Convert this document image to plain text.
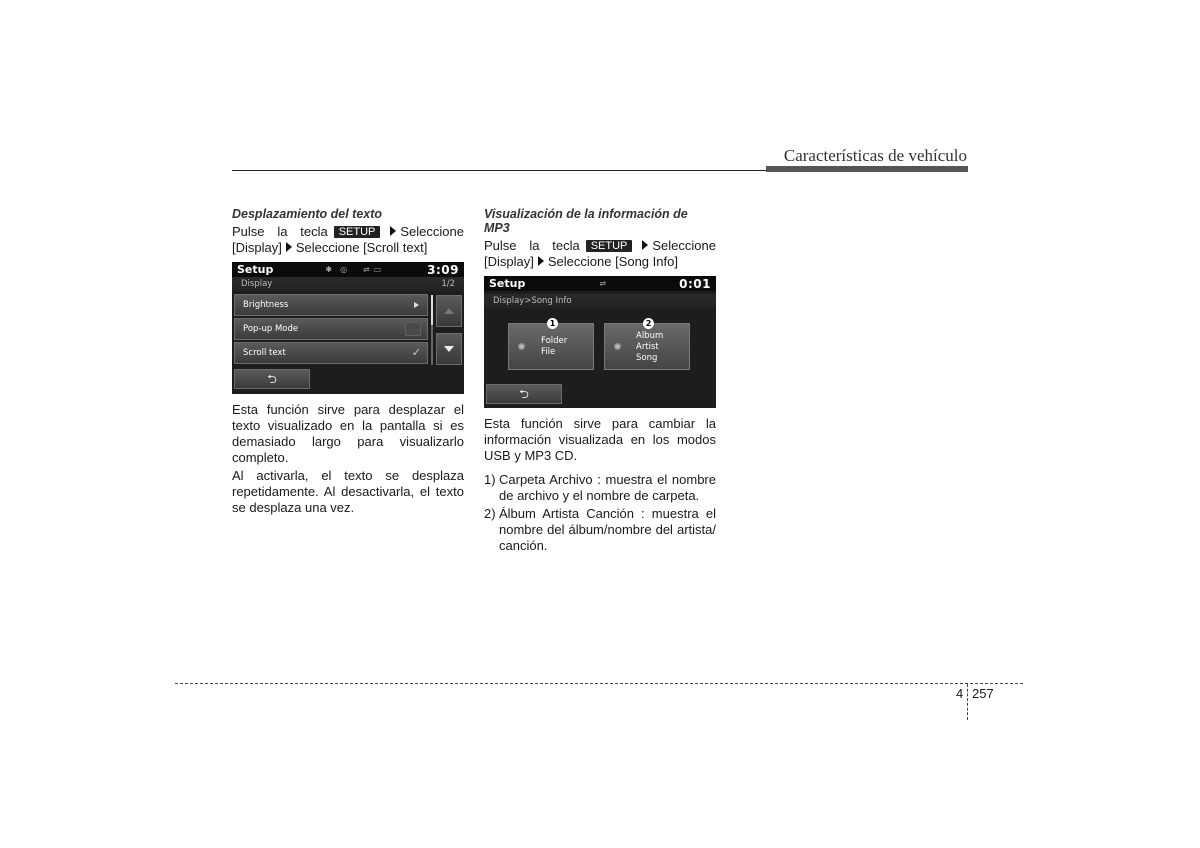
Características de vehículo

Desplazamiento del texto

Pulse la tecla SETUP Seleccione [Display] Seleccione [Scroll text]

Setup	✱ ◎ ⇌ ▭	3:09
Display	1/2
Brightness
Pop-up Mode
Scroll text	✓
⮌

Esta función sirve para desplazar el texto visualizado en la pantalla si es demasiado largo para visualizarlo completo.

Al activarla, el texto se desplaza repetidamente. Al desactivarla, el texto se desplaza una vez.

Visualización de la información de MP3

Pulse la tecla SETUP Seleccione [Display] Seleccione [Song Info]

Setup	⇌	0:01
Display>Song Info
1
Folder
File
2
Album
Artist
Song
⮌

Esta función sirve para cambiar la información visualizada en los modos USB y MP3 CD.

1) Carpeta Archivo : muestra el nombre de archivo y el nombre de carpeta.
2) Álbum Artista Canción : muestra el nombre del álbum/nombre del artista/ canción.
4 257
